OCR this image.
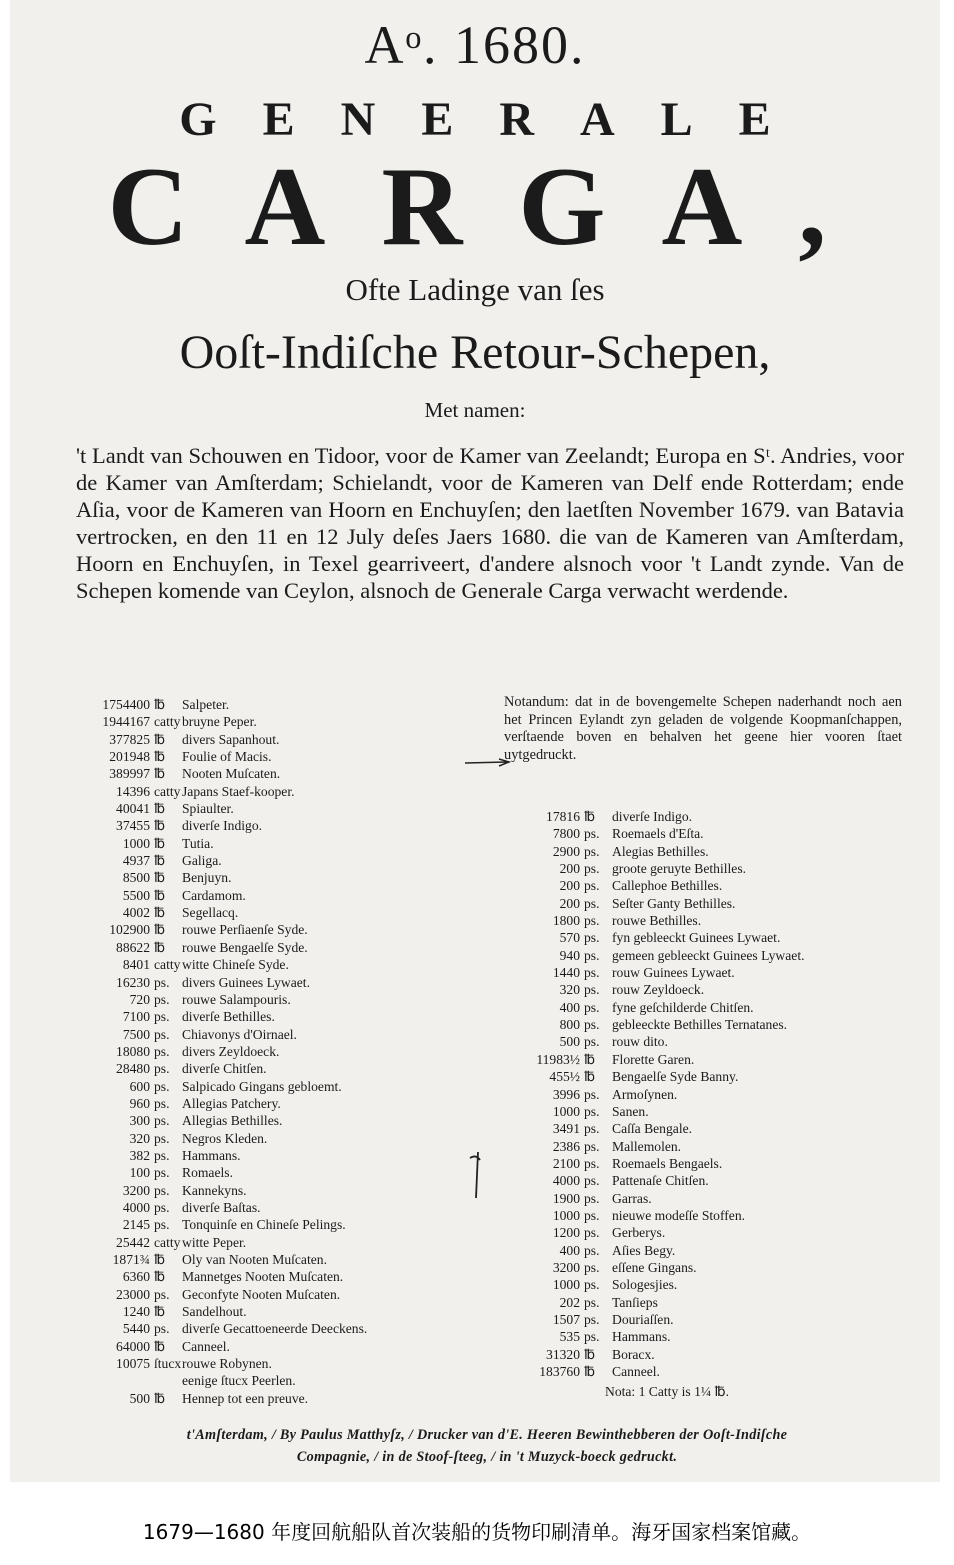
Aᵒ. 1680.
GENERALE
CARGA,
Ofte Ladinge van ſes
Ooſt-Indiſche Retour-Schepen,
Met namen:
't Landt van Schouwen en Tidoor, voor de Kamer van Zeelandt; Europa en Sᵗ. Andries, voor de Kamer van Amſterdam; Schielandt, voor de Kameren van Delf ende Rotterdam; ende Aſia, voor de Kameren van Hoorn en Enchuyſen; den laetſten November 1679. van Batavia vertrocken, en den 11 en 12 July deſes Jaers 1680. die van de Kameren van Amſterdam, Hoorn en Enchuyſen, in Texel gearriveert, d'andere alsnoch voor 't Landt zynde. Van de Schepen komende van Ceylon, alsnoch de Generale Carga verwacht werdende.
1754400 ℔	Salpeter.
1944167 catty bruyne Peper.
377825 ℔	divers Sapanhout.
201948 ℔	Foulie of Macis.
389997 ℔	Nooten Muſcaten.
14396 catty Japans Staef-kooper.
40041 ℔	Spiaulter.
37455 ℔	diverſe Indigo.
1000 ℔	Tutia.
4937 ℔	Galiga.
8500 ℔	Benjuyn.
5500 ℔	Cardamom.
4002 ℔	Segellacq.
102900 ℔	rouwe Perſiaenſe Syde.
88622 ℔	rouwe Bengaelſe Syde.
8401 catty witte Chineſe Syde.
16230 ps. divers Guinees Lywaet.
720 ps. rouwe Salampouris.
7100 ps. diverſe Bethilles.
7500 ps. Chiavonys d'Oirnael.
18080 ps. divers Zeyldoeck.
28480 ps. diverſe Chitſen.
600 ps. Salpicado Gingans gebloemt.
960 ps. Allegias Patchery.
300 ps. Allegias Bethilles.
320 ps. Negros Kleden.
382 ps. Hammans.
100 ps. Romaels.
3200 ps. Kannekyns.
4000 ps. diverſe Baſtas.
2145 ps. Tonquinſe en Chineſe Pelings.
25442 catty witte Peper.
1871¾ ℔	Oly van Nooten Muſcaten.
6360 ℔	Mannetges Nooten Muſcaten.
23000 ps. Geconfyte Nooten Muſcaten.
1240 ℔	Sandelhout.
5440 ps. diverſe Gecattoeneerde Deeckens.
64000 ℔	Canneel.
10075 ſtucx rouwe Robynen.
eenige ſtucx Peerlen.
500 ℔	Hennep tot een preuve.
Notandum: dat in de bovengemelte Schepen naderhandt noch aen het Princen Eylandt zyn geladen de volgende Koopmanſchappen, verſtaende boven en behalven het geene hier vooren ſtaet uytgedruckt.
17816 ℔	diverſe Indigo.
7800 ps. Roemaels d'Eſta.
2900 ps. Alegias Bethilles.
200 ps. groote geruyte Bethilles.
200 ps. Callephoe Bethilles.
200 ps. Seſter Ganty Bethilles.
1800 ps. rouwe Bethilles.
570 ps. fyn gebleeckt Guinees Lywaet.
940 ps. gemeen gebleeckt Guinees Lywaet.
1440 ps. rouw Guinees Lywaet.
320 ps. rouw Zeyldoeck.
400 ps. fyne geſchilderde Chitſen.
800 ps. gebleeckte Bethilles Ternatanes.
500 ps. rouw dito.
11983½ ℔	Florette Garen.
455½ ℔	Bengaelſe Syde Banny.
3996 ps. Armoſynen.
1000 ps. Sanen.
3491 ps. Caſſa Bengale.
2386 ps. Mallemolen.
2100 ps. Roemaels Bengaels.
4000 ps. Pattenaſe Chitſen.
1900 ps. Garras.
1000 ps. nieuwe modeſſe Stoffen.
1200 ps. Gerberys.
400 ps. Aſies Begy.
3200 ps. eſſene Gingans.
1000 ps. Sologesjies.
202 ps. Tanſieps
1507 ps. Douriaſſen.
535 ps. Hammans.
31320 ℔	Boracx.
183760 ℔	Canneel.
Nota: 1 Catty is 1¼ ℔.
t'Amſterdam, / By Paulus Matthyſz, / Drucker van d'E. Heeren Bewinthebberen der Ooſt-Indiſche
Compagnie, / in de Stoof-ſteeg, / in 't Muzyck-boeck gedruckt.
1679—1680 年度回航船队首次装船的货物印刷清单。海牙国家档案馆藏。
